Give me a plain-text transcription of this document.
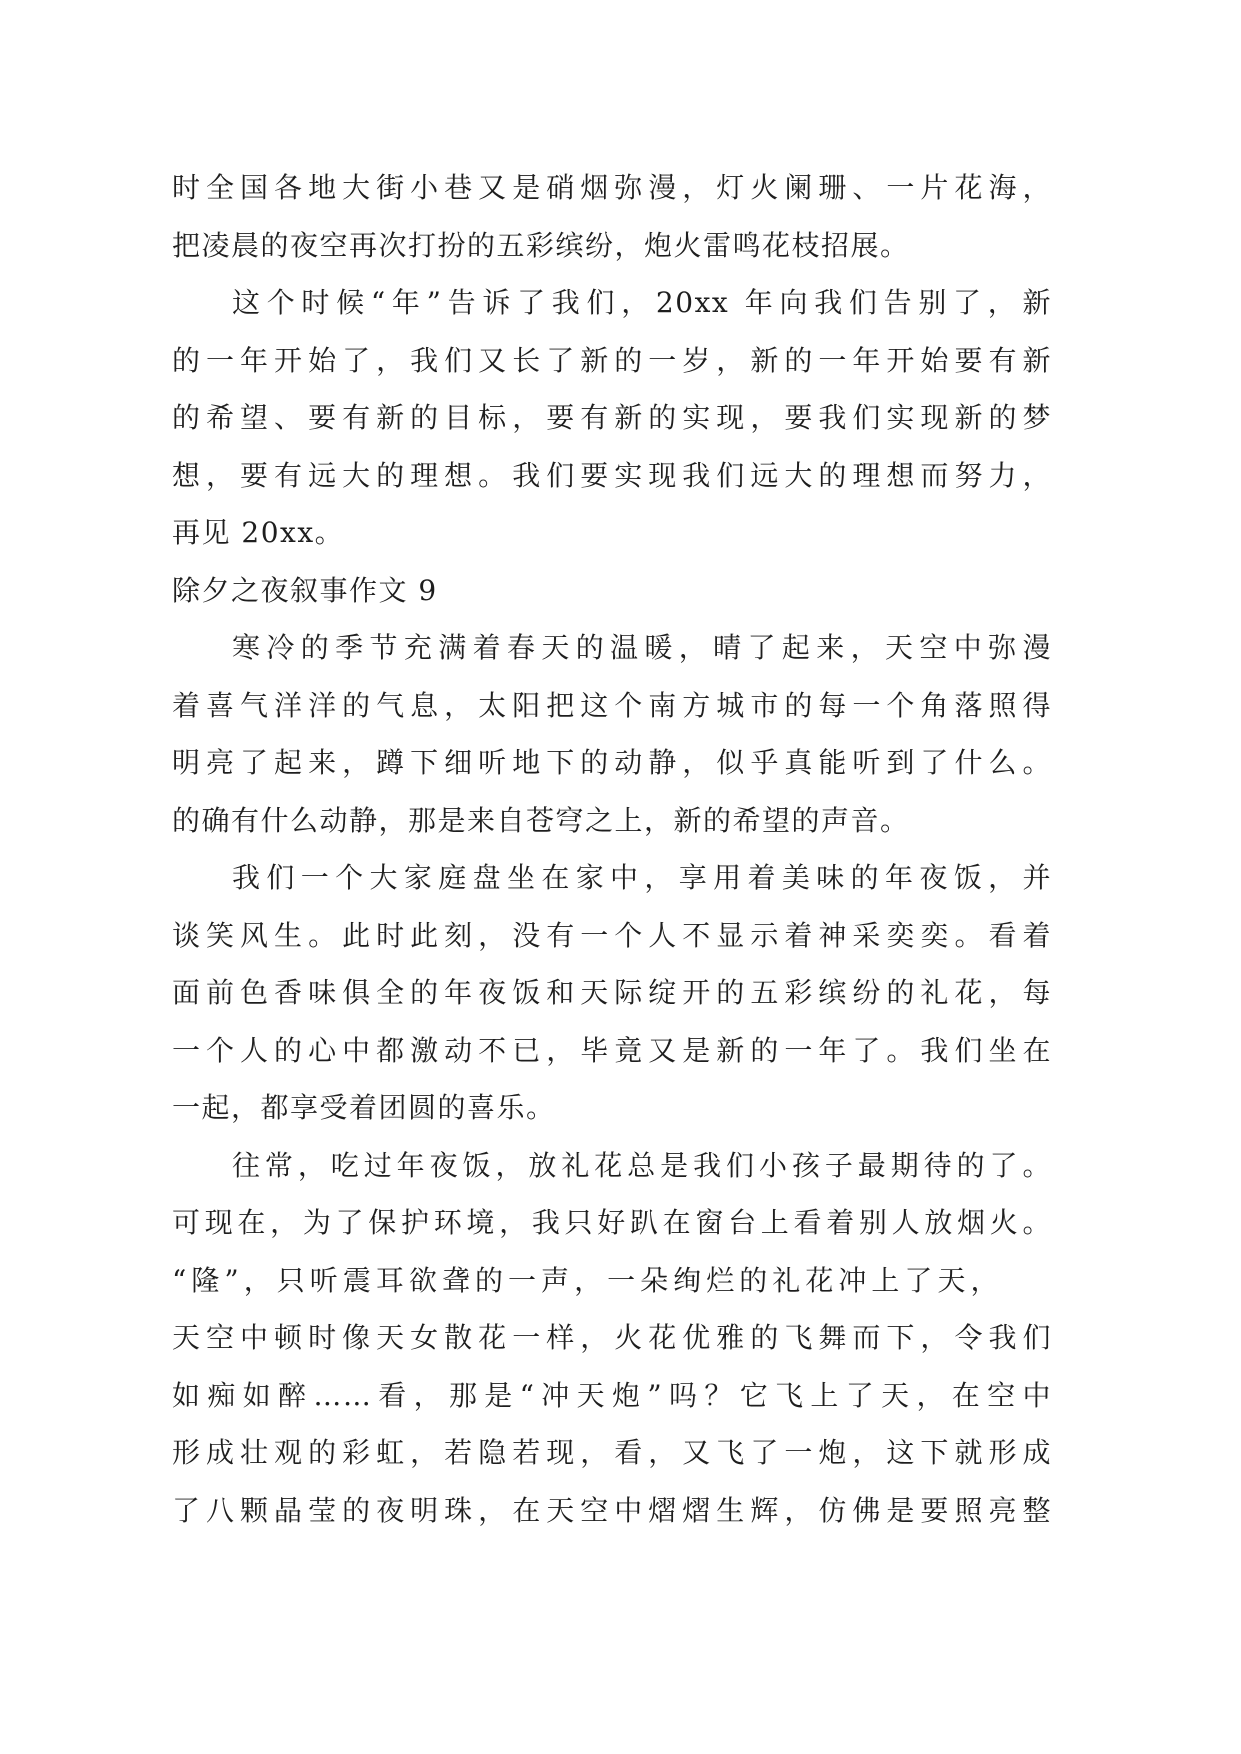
时全国各地大街小巷又是硝烟弥漫，灯火阑珊、一片花海，
把凌晨的夜空再次打扮的五彩缤纷，炮火雷鸣花枝招展。
这个时候“年”告诉了我们，20xx 年向我们告别了，新
的一年开始了，我们又长了新的一岁，新的一年开始要有新
的希望、要有新的目标，要有新的实现，要我们实现新的梦
想，要有远大的理想。我们要实现我们远大的理想而努力，
再见 20xx。
除夕之夜叙事作文 9
寒冷的季节充满着春天的温暖，晴了起来，天空中弥漫
着喜气洋洋的气息，太阳把这个南方城市的每一个角落照得
明亮了起来，蹲下细听地下的动静，似乎真能听到了什么。
的确有什么动静，那是来自苍穹之上，新的希望的声音。
我们一个大家庭盘坐在家中，享用着美味的年夜饭，并
谈笑风生。此时此刻，没有一个人不显示着神采奕奕。看着
面前色香味俱全的年夜饭和天际绽开的五彩缤纷的礼花，每
一个人的心中都激动不已，毕竟又是新的一年了。我们坐在
一起，都享受着团圆的喜乐。
往常，吃过年夜饭，放礼花总是我们小孩子最期待的了。
可现在，为了保护环境，我只好趴在窗台上看着别人放烟火。
“隆”，只听震耳欲聋的一声，一朵绚烂的礼花冲上了天，
天空中顿时像天女散花一样，火花优雅的飞舞而下，令我们
如痴如醉……看，那是“冲天炮”吗？它飞上了天，在空中
形成壮观的彩虹，若隐若现，看，又飞了一炮，这下就形成
了八颗晶莹的夜明珠，在天空中熠熠生辉，仿佛是要照亮整
